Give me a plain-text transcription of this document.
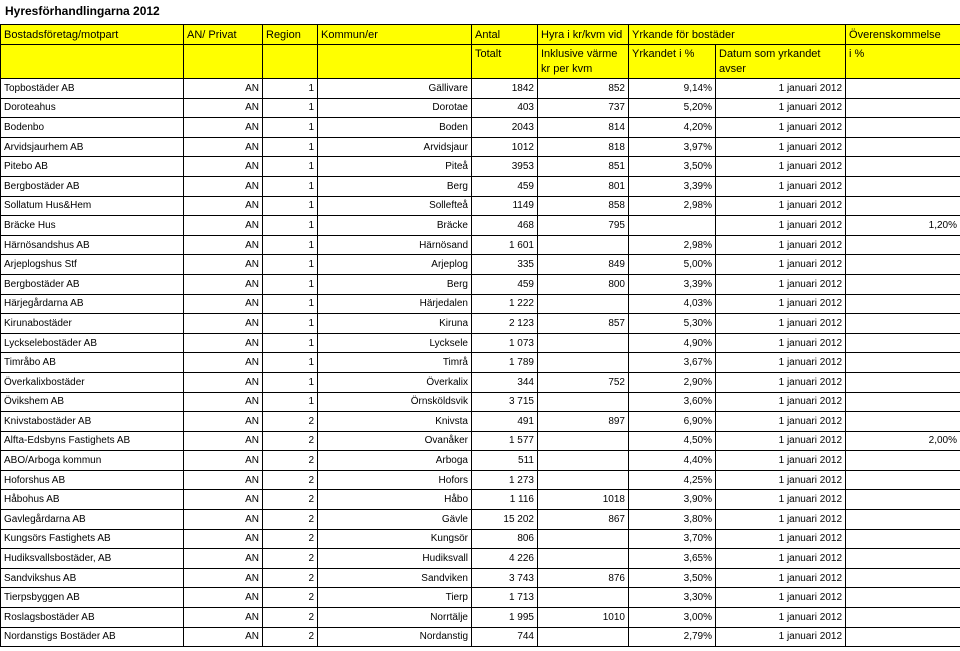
Hyresförhandlingarna 2012
Bostadsföretag/motpart	AN/ Privat	Region	Kommun/er	Antal	Hyra i kr/kvm vid	Yrkande för bostäder		Överenskommelse
				Totalt	Inklusive värme kr per kvm	Yrkandet i %	Datum som yrkandet avser	i %
Topbostäder AB	AN	1	Gällivare	1842	852	9,14%	1 januari 2012	
Doroteahus	AN	1	Dorotae	403	737	5,20%	1 januari 2012	
Bodenbo	AN	1	Boden	2043	814	4,20%	1 januari 2012	
Arvidsjaurhem AB	AN	1	Arvidsjaur	1012	818	3,97%	1 januari 2012	
Pitebo AB	AN	1	Piteå	3953	851	3,50%	1 januari 2012	
Bergbostäder AB	AN	1	Berg	459	801	3,39%	1 januari 2012	
Sollatum Hus&Hem	AN	1	Sollefteå	1149	858	2,98%	1 januari 2012	
Bräcke Hus	AN	1	Bräcke	468	795		1 januari 2012	1,20%
Härnösandshus AB	AN	1	Härnösand	1 601		2,98%	1 januari 2012	
Arjeplogshus Stf	AN	1	Arjeplog	335	849	5,00%	1 januari 2012	
Bergbostäder AB	AN	1	Berg	459	800	3,39%	1 januari 2012	
Härjegårdarna AB	AN	1	Härjedalen	1 222		4,03%	1 januari 2012	
Kirunabostäder	AN	1	Kiruna	2 123	857	5,30%	1 januari 2012	
Lyckselebostäder AB	AN	1	Lycksele	1 073		4,90%	1 januari 2012	
Timråbo AB	AN	1	Timrå	1 789		3,67%	1 januari 2012	
Överkalixbostäder	AN	1	Överkalix	344	752	2,90%	1 januari 2012	
Övikshem AB	AN	1	Örnsköldsvik	3 715		3,60%	1 januari 2012	
Knivstabostäder AB	AN	2	Knivsta	491	897	6,90%	1 januari 2012	
Alfta-Edsbyns Fastighets AB	AN	2	Ovanåker	1 577		4,50%	1 januari 2012	2,00%
ABO/Arboga kommun	AN	2	Arboga	511		4,40%	1 januari 2012	
Hoforshus AB	AN	2	Hofors	1 273		4,25%	1 januari 2012	
Håbohus AB	AN	2	Håbo	1 116	1018	3,90%	1 januari 2012	
Gavlegårdarna AB	AN	2	Gävle	15 202	867	3,80%	1 januari 2012	
Kungsörs Fastighets AB	AN	2	Kungsör	806		3,70%	1 januari 2012	
Hudiksvallsbostäder, AB	AN	2	Hudiksvall	4 226		3,65%	1 januari 2012	
Sandvikshus AB	AN	2	Sandviken	3 743	876	3,50%	1 januari 2012	
Tierpsbyggen AB	AN	2	Tierp	1 713		3,30%	1 januari 2012	
Roslagsbostäder AB	AN	2	Norrtälje	1 995	1010	3,00%	1 januari 2012	
Nordanstigs Bostäder AB	AN	2	Nordanstig	744		2,79%	1 januari 2012	
